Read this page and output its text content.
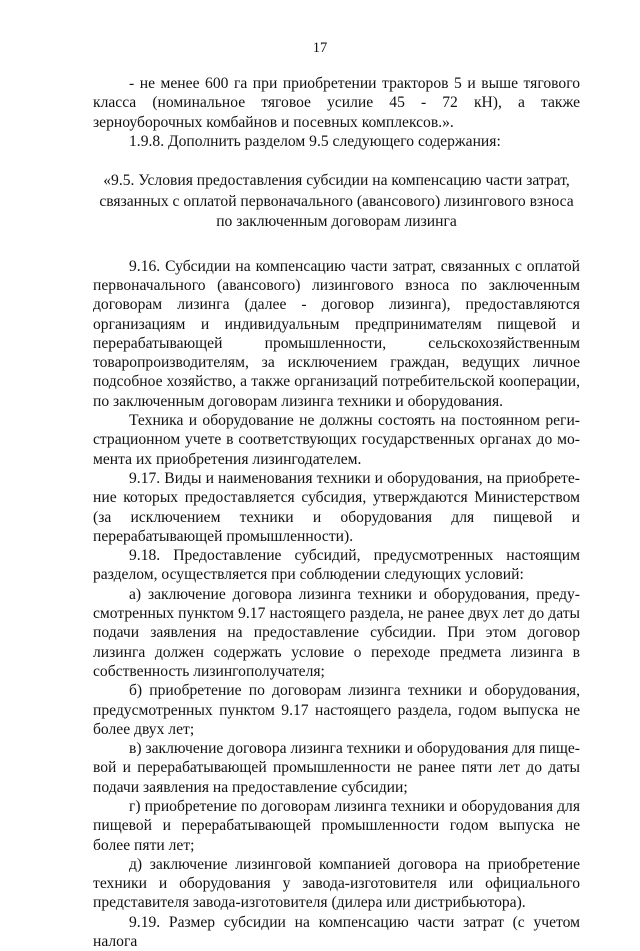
17

- не менее 600 га при приобретении тракторов 5 и выше тягового класса (номинальное тяговое усилие 45 - 72 кН), а также зерноуборочных комбайнов и посевных комплексов.».

1.9.8. Дополнить разделом 9.5 следующего содержания:

«9.5. Условия предоставления субсидии на компенсацию части затрат, связанных с оплатой первоначального (авансового) лизингового взноса по заключенным договорам лизинга

9.16. Субсидии на компенсацию части затрат, связанных с оплатой первоначального (авансового) лизингового взноса по заключенным договорам лизинга (далее - договор лизинга), предоставляются организациям и индивидуальным предпринимателям пищевой и перерабатывающей промышленности, сельскохозяйственным товаропроизводителям, за исключением граждан, ведущих личное подсобное хозяйство, а также организаций потребительской кооперации, по заключенным договорам лизинга техники и оборудования.

Техника и оборудование не должны состоять на постоянном регистрационном учете в соответствующих государственных органах до момента их приобретения лизингодателем.

9.17. Виды и наименования техники и оборудования, на приобретение которых предоставляется субсидия, утверждаются Министерством (за исключением техники и оборудования для пищевой и перерабатывающей промышленности).

9.18. Предоставление субсидий, предусмотренных настоящим разделом, осуществляется при соблюдении следующих условий:

а) заключение договора лизинга техники и оборудования, предусмотренных пунктом 9.17 настоящего раздела, не ранее двух лет до даты подачи заявления на предоставление субсидии. При этом договор лизинга должен содержать условие о переходе предмета лизинга в собственность лизингополучателя;

б) приобретение по договорам лизинга техники и оборудования, предусмотренных пунктом 9.17 настоящего раздела, годом выпуска не более двух лет;

в) заключение договора лизинга техники и оборудования для пищевой и перерабатывающей промышленности не ранее пяти лет до даты подачи заявления на предоставление субсидии;

г) приобретение по договорам лизинга техники и оборудования для пищевой и перерабатывающей промышленности годом выпуска не более пяти лет;

д) заключение лизинговой компанией договора на приобретение техники и оборудования у завода-изготовителя или официального представителя завода-изготовителя (дилера или дистрибьютора).

9.19. Размер субсидии на компенсацию части затрат (с учетом налога
